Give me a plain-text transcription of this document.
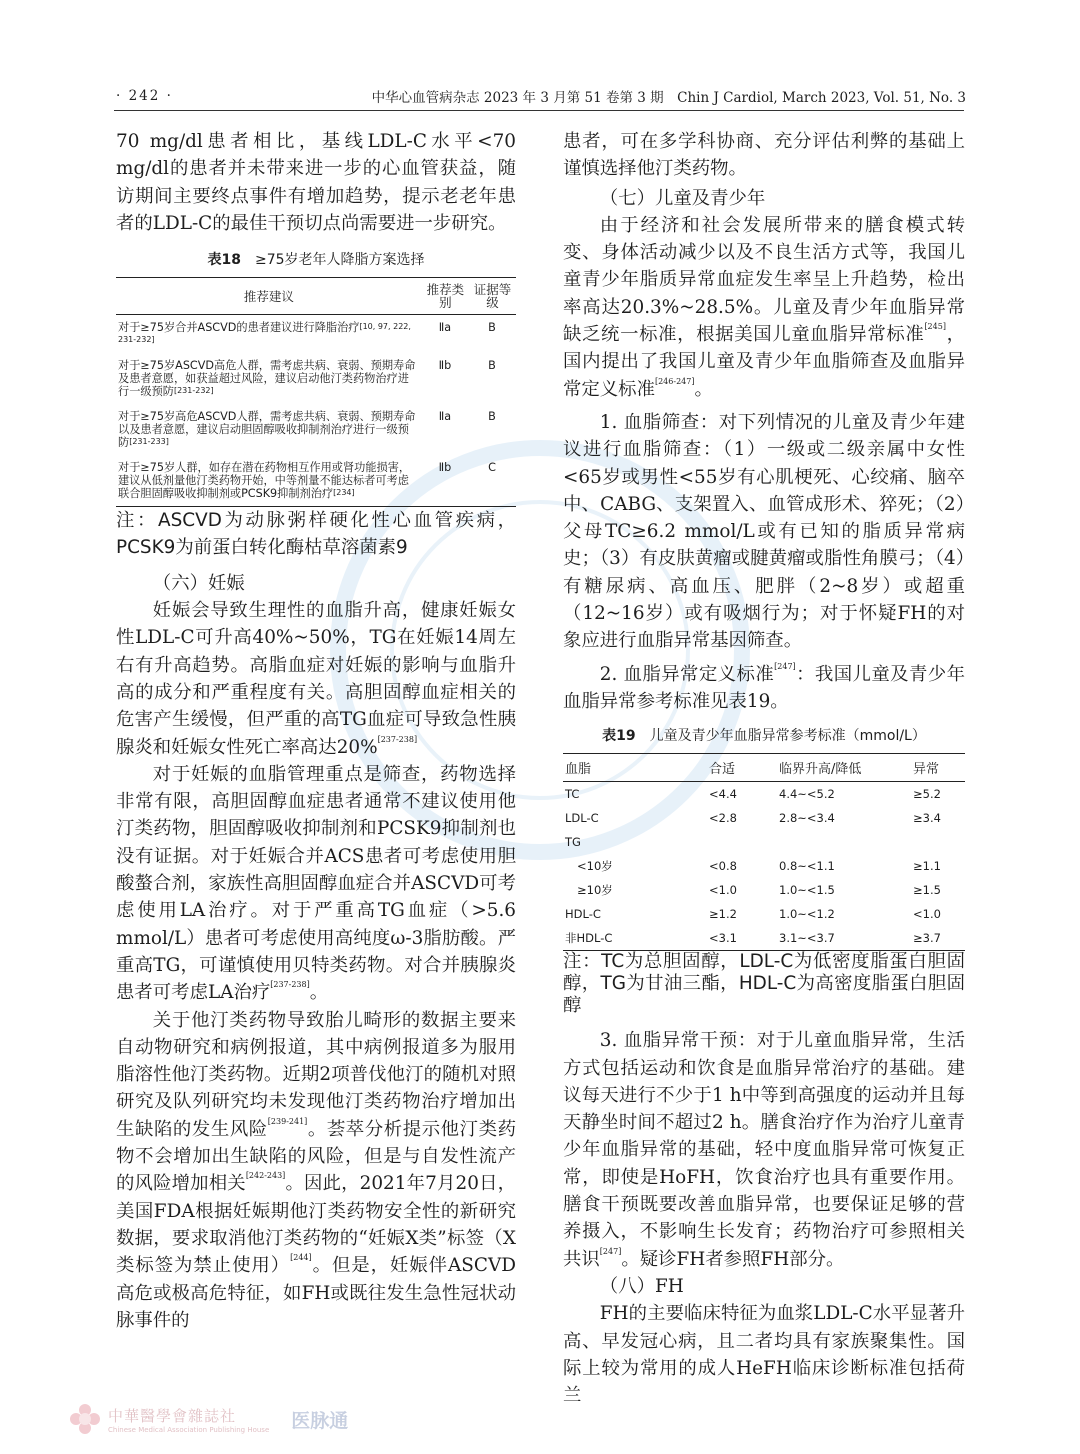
· 242 ·	中华心血管病杂志 2023 年 3 月第 51 卷第 3 期　Chin J Cardiol, March 2023, Vol. 51, No. 3

70 mg/dl患者相比，基线LDL-C水平<70 mg/dl的患者并未带来进一步的心血管获益，随访期间主要终点事件有增加趋势，提示老老年患者的LDL-C的最佳干预切点尚需要进一步研究。

表18 ≥75岁老年人降脂方案选择
推荐建议	推荐类别	证据等级
对于≥75岁合并ASCVD的患者建议进行降脂治疗[10, 97, 222, 231-232]	Ⅱa	B
对于≥75岁ASCVD高危人群，需考虑共病、衰弱、预期寿命及患者意愿，如获益超过风险，建议启动他汀类药物治疗进行一级预防[231-232]	Ⅱb	B
对于≥75岁高危ASCVD人群，需考虑共病、衰弱、预期寿命以及患者意愿，建议启动胆固醇吸收抑制剂治疗进行一级预防[231-233]	Ⅱa	B
对于≥75岁人群，如存在潜在药物相互作用或肾功能损害，建议从低剂量他汀类药物开始，中等剂量不能达标者可考虑联合胆固醇吸收抑制剂或PCSK9抑制剂治疗[234]	Ⅱb	C

注：ASCVD为动脉粥样硬化性心血管疾病，PCSK9为前蛋白转化酶枯草溶菌素9

（六）妊娠

妊娠会导致生理性的血脂升高，健康妊娠女性LDL-C可升高40%~50%，TG在妊娠14周左右有升高趋势。高脂血症对妊娠的影响与血脂升高的成分和严重程度有关。高胆固醇血症相关的危害产生缓慢，但严重的高TG血症可导致急性胰腺炎和妊娠女性死亡率高达20%[237-238]

对于妊娠的血脂管理重点是筛查，药物选择非常有限，高胆固醇血症患者通常不建议使用他汀类药物，胆固醇吸收抑制剂和PCSK9抑制剂也没有证据。对于妊娠合并ACS患者可考虑使用胆酸螯合剂，家族性高胆固醇血症合并ASCVD可考虑使用LA治疗。对于严重高TG血症（>5.6 mmol/L）患者可考虑使用高纯度ω-3脂肪酸。严重高TG，可谨慎使用贝特类药物。对合并胰腺炎患者可考虑LA治疗[237-238]。

关于他汀类药物导致胎儿畸形的数据主要来自动物研究和病例报道，其中病例报道多为服用脂溶性他汀类药物。近期2项普伐他汀的随机对照研究及队列研究均未发现他汀类药物治疗增加出生缺陷的发生风险[239-241]。荟萃分析提示他汀类药物不会增加出生缺陷的风险，但是与自发性流产的风险增加相关[242-243]。因此，2021年7月20日，美国FDA根据妊娠期他汀类药物安全性的新研究数据，要求取消他汀类药物的“妊娠X类”标签（X类标签为禁止使用）[244]。但是，妊娠伴ASCVD高危或极高危特征，如FH或既往发生急性冠状动脉事件的

患者，可在多学科协商、充分评估利弊的基础上谨慎选择他汀类药物。

（七）儿童及青少年

由于经济和社会发展所带来的膳食模式转变、身体活动减少以及不良生活方式等，我国儿童青少年脂质异常血症发生率呈上升趋势，检出率高达20.3%~28.5%。儿童及青少年血脂异常缺乏统一标准，根据美国儿童血脂异常标准[245]，国内提出了我国儿童及青少年血脂筛查及血脂异常定义标准[246-247]。

1. 血脂筛查：对下列情况的儿童及青少年建议进行血脂筛查：（1）一级或二级亲属中女性<65岁或男性<55岁有心肌梗死、心绞痛、脑卒中、CABG、支架置入、血管成形术、猝死；（2）父母TC≥6.2 mmol/L或有已知的脂质异常病史；（3）有皮肤黄瘤或腱黄瘤或脂性角膜弓；（4）有糖尿病、高血压、肥胖（2~8岁）或超重（12~16岁）或有吸烟行为；对于怀疑FH的对象应进行血脂异常基因筛查。

2. 血脂异常定义标准[247]：我国儿童及青少年血脂异常参考标准见表19。

表19 儿童及青少年血脂异常参考标准（mmol/L）
血脂	合适	临界升高/降低	异常
TC	<4.4	4.4~<5.2	≥5.2
LDL-C	<2.8	2.8~<3.4	≥3.4
TG			
<10岁	<0.8	0.8~<1.1	≥1.1
≥10岁	<1.0	1.0~<1.5	≥1.5
HDL-C	≥1.2	1.0~<1.2	<1.0
非HDL-C	<3.1	3.1~<3.7	≥3.7

注：TC为总胆固醇，LDL-C为低密度脂蛋白胆固醇，TG为甘油三酯，HDL-C为高密度脂蛋白胆固醇

3. 血脂异常干预：对于儿童血脂异常，生活方式包括运动和饮食是血脂异常治疗的基础。建议每天进行不少于1 h中等到高强度的运动并且每天静坐时间不超过2 h。膳食治疗作为治疗儿童青少年血脂异常的基础，轻中度血脂异常可恢复正常，即使是HoFH，饮食治疗也具有重要作用。膳食干预既要改善血脂异常，也要保证足够的营养摄入，不影响生长发育；药物治疗可参照相关共识[247]。疑诊FH者参照FH部分。

（八）FH

FH的主要临床特征为血浆LDL-C水平显著升高、早发冠心病，且二者均具有家族聚集性。国际上较为常用的成人HeFH临床诊断标准包括荷兰

中華醫學會雜誌社
Chinese Medical Association Publishing House 医脉通
